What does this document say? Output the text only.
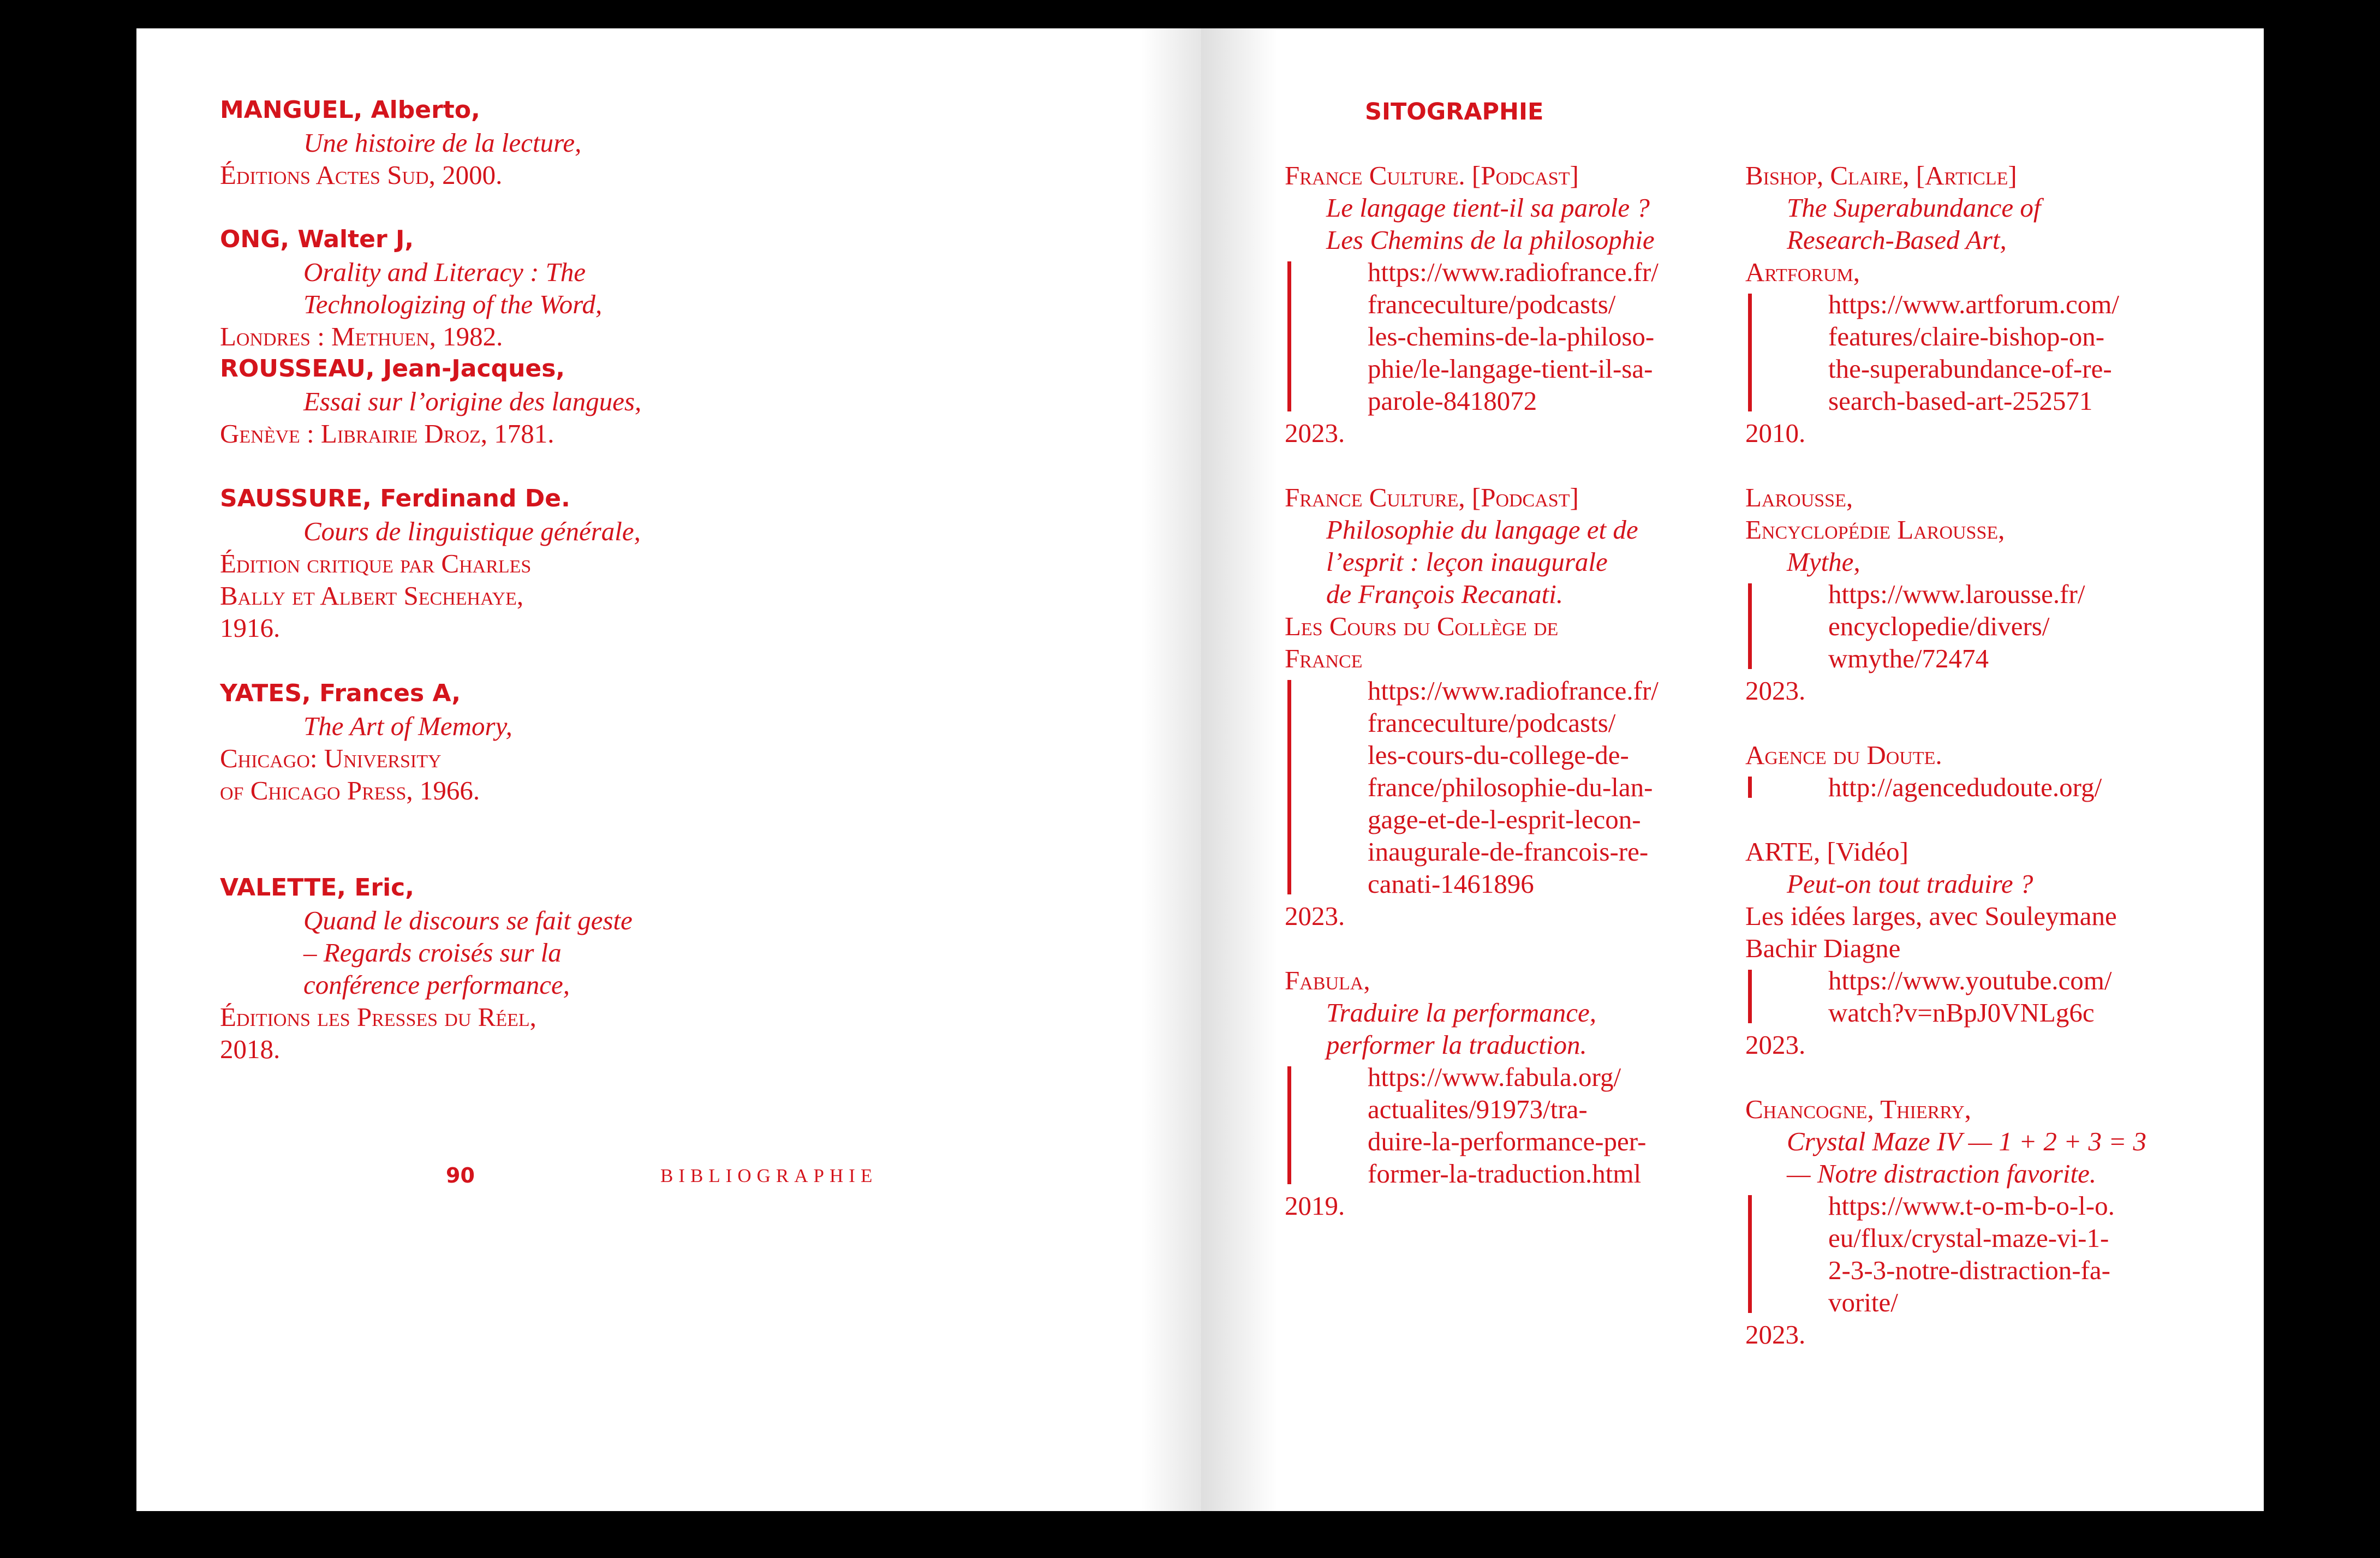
MANGUEL, Alberto,
Une histoire de la lecture,
Éditions Actes Sud, 2000.
ONG, Walter J,
Orality and Literacy : The
Technologizing of the Word,
Londres : Methuen, 1982.
ROUSSEAU, Jean-Jacques,
Essai sur l’origine des langues,
Genève : Librairie Droz, 1781.
SAUSSURE, Ferdinand De.
Cours de linguistique générale,
Édition critique par Charles
Bally et Albert Sechehaye,
1916.
YATES, Frances A,
The Art of Memory,
Chicago: University
of Chicago Press, 1966.
VALETTE, Eric,
Quand le discours se fait geste
– Regards croisés sur la
conférence performance,
Éditions les Presses du Réel,
2018.
90	BIBLIOGRAPHIE
SITOGRAPHIE
France Culture. [Podcast]
Le langage tient-il sa parole ?
Les Chemins de la philosophie
https://www.radiofrance.fr/
franceculture/podcasts/
les-chemins-de-la-philoso-
phie/le-langage-tient-il-sa-
parole-8418072
2023.
France Culture, [Podcast]
Philosophie du langage et de
l’esprit : leçon inaugurale
de François Recanati.
Les Cours du Collège de
France
https://www.radiofrance.fr/
franceculture/podcasts/
les-cours-du-college-de-
france/philosophie-du-lan-
gage-et-de-l-esprit-lecon-
inaugurale-de-francois-re-
canati-1461896
2023.
Fabula,
Traduire la performance,
performer la traduction.
https://www.fabula.org/
actualites/91973/tra-
duire-la-performance-per-
former-la-traduction.html
2019.
Bishop, Claire, [Article]
The Superabundance of
Research-Based Art,
Artforum,
https://www.artforum.com/
features/claire-bishop-on-
the-superabundance-of-re-
search-based-art-252571
2010.
Larousse,
Encyclopédie Larousse,
Mythe,
https://www.larousse.fr/
encyclopedie/divers/
wmythe/72474
2023.
Agence du Doute.
http://agencedudoute.org/
ARTE, [Vidéo]
Peut-on tout traduire ?
Les idées larges, avec Souleymane
Bachir Diagne
https://www.youtube.com/
watch?v=nBpJ0VNLg6c
2023.
Chancogne, Thierry,
Crystal Maze IV — 1 + 2 + 3 = 3
— Notre distraction favorite.
https://www.t-o-m-b-o-l-o.
eu/flux/crystal-maze-vi-1-
2-3-3-notre-distraction-fa-
vorite/
2023.
